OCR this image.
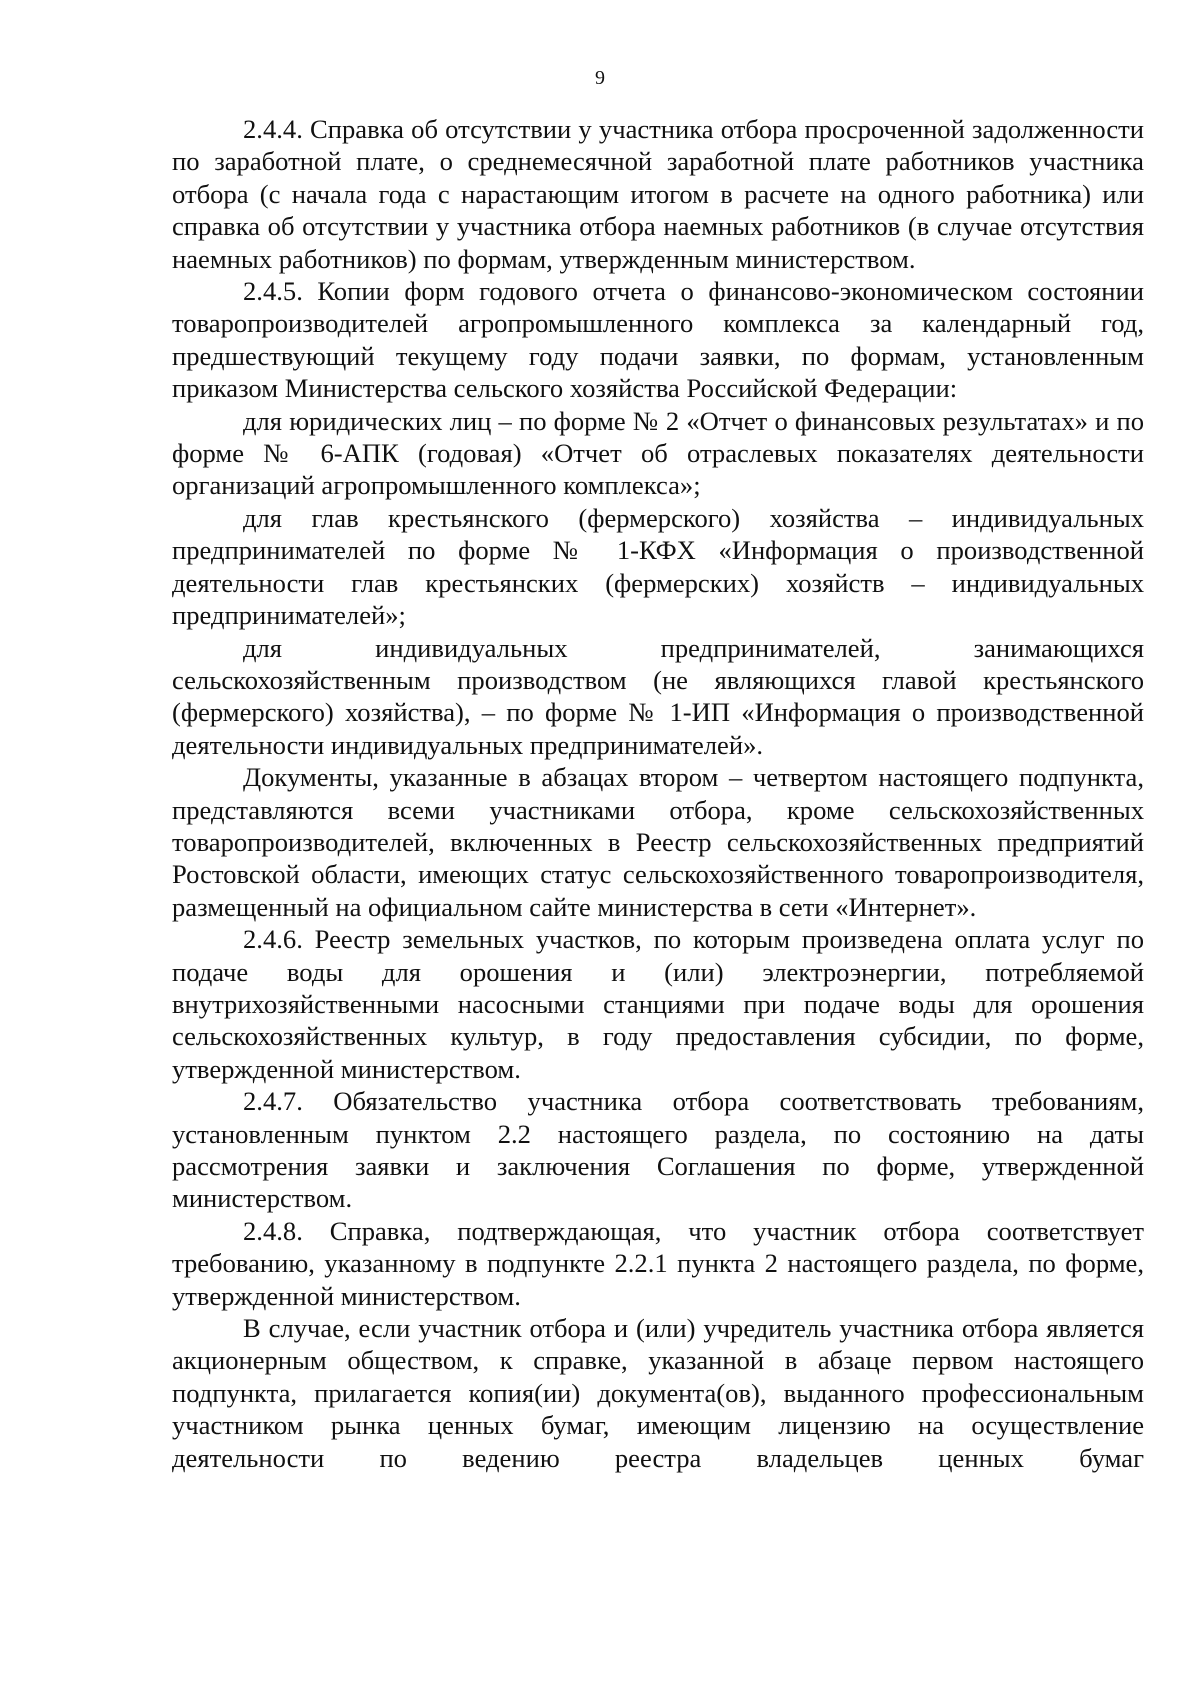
9

2.4.4. Справка об отсутствии у участника отбора просроченной задолженности по заработной плате, о среднемесячной заработной плате работников участника отбора (с начала года с нарастающим итогом в расчете на одного работника) или справка об отсутствии у участника отбора наемных работников (в случае отсутствия наемных работников) по формам, утвержденным министерством.

2.4.5. Копии форм годового отчета о финансово-экономическом состоянии товаропроизводителей агропромышленного комплекса за календарный год, предшествующий текущему году подачи заявки, по формам, установленным приказом Министерства сельского хозяйства Российской Федерации:

для юридических лиц – по форме № 2 «Отчет о финансовых результатах» и по форме № 6-АПК (годовая) «Отчет об отраслевых показателях деятельности организаций агропромышленного комплекса»;

для глав крестьянского (фермерского) хозяйства – индивидуальных предпринимателей по форме № 1-КФХ «Информация о производственной деятельности глав крестьянских (фермерских) хозяйств – индивидуальных предпринимателей»;

для индивидуальных предпринимателей, занимающихся сельскохозяйственным производством (не являющихся главой крестьянского (фермерского) хозяйства), – по форме № 1-ИП «Информация о производственной деятельности индивидуальных предпринимателей».

Документы, указанные в абзацах втором – четвертом настоящего подпункта, представляются всеми участниками отбора, кроме сельскохозяйственных товаропроизводителей, включенных в Реестр сельскохозяйственных предприятий Ростовской области, имеющих статус сельскохозяйственного товаропроизводителя, размещенный на официальном сайте министерства в сети «Интернет».

2.4.6. Реестр земельных участков, по которым произведена оплата услуг по подаче воды для орошения и (или) электроэнергии, потребляемой внутрихозяйственными насосными станциями при подаче воды для орошения сельскохозяйственных культур, в году предоставления субсидии, по форме, утвержденной министерством.

2.4.7. Обязательство участника отбора соответствовать требованиям, установленным пунктом 2.2 настоящего раздела, по состоянию на даты рассмотрения заявки и заключения Соглашения по форме, утвержденной министерством.

2.4.8. Справка, подтверждающая, что участник отбора соответствует требованию, указанному в подпункте 2.2.1 пункта 2 настоящего раздела, по форме, утвержденной министерством.

В случае, если участник отбора и (или) учредитель участника отбора является акционерным обществом, к справке, указанной в абзаце первом настоящего подпункта, прилагается копия(ии) документа(ов), выданного профессиональным участником рынка ценных бумаг, имеющим лицензию на осуществление деятельности по ведению реестра владельцев ценных бумаг
